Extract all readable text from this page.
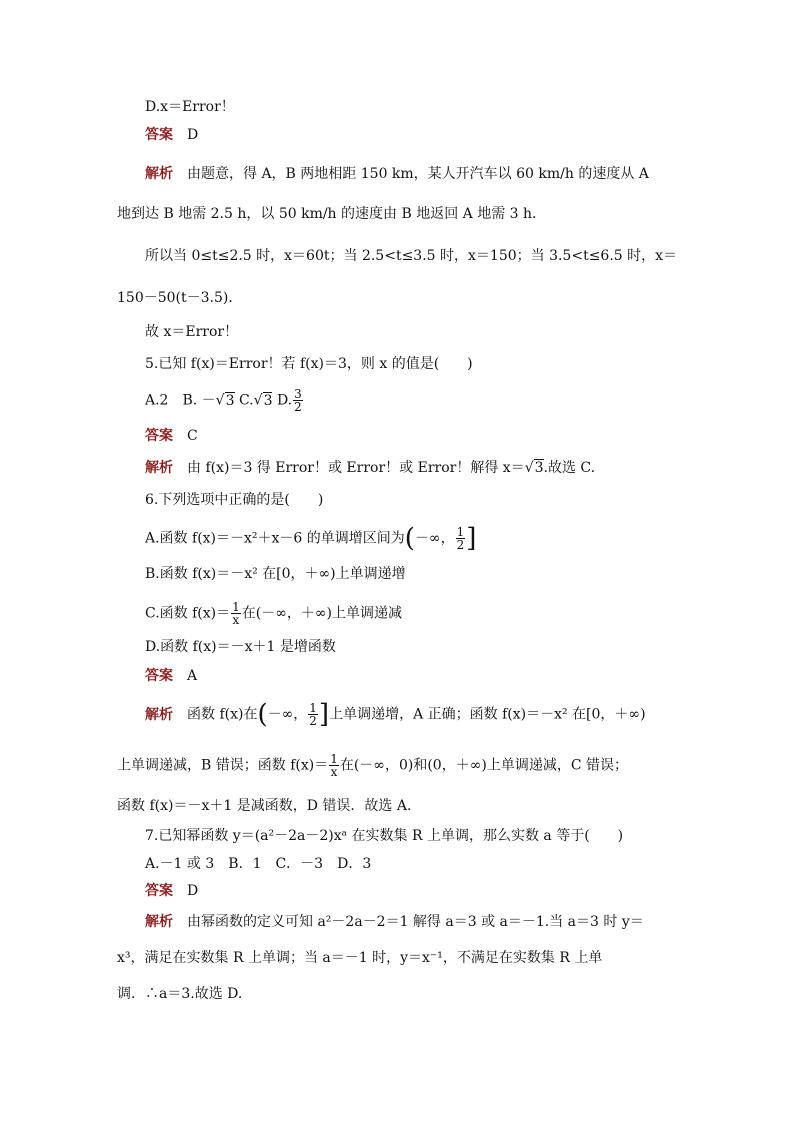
D.x＝Error！
答案 D
解析 由题意，得 A，B 两地相距 150 km，某人开汽车以 60 km/h 的速度从 A
地到达 B 地需 2.5 h，以 50 km/h 的速度由 B 地返回 A 地需 3 h．
所以当 0≤t≤2.5 时，x＝60t；当 2.5<t≤3.5 时，x＝150；当 3.5<t≤6.5 时，x＝
150－50(t－3.5)．
故 x＝Error！
5.已知 f(x)＝Error！若 f(x)＝3，则 x 的值是(　　)
A.2　B. －√3 C.√3 D. $\frac{3}{2}$
答案 C
解析 由 f(x)＝3 得 Error！或 Error！或 Error！解得 x＝√3.故选 C.
6.下列选项中正确的是(　　)
A.函数 f(x)＝－x²＋x－6 的单调增区间为(－∞， $\frac{1}{2}$ ]
B.函数 f(x)＝－x² 在[0，＋∞)上单调递增
C.函数 $f(x)= \frac{1}{x}$ 在(－∞，＋∞)上单调递减
D.函数 f(x)＝－x＋1 是增函数
答案 A
解析 函数 f(x)在(－∞， $\frac{1}{2}$ ]上单调递增，A 正确；函数 f(x)＝－x² 在[0，＋∞)
上单调递减，B 错误；函数 $f(x)= \frac{1}{x}$ 在(－∞，0)和(0，＋∞)上单调递减，C 错误；
函数 f(x)＝－x＋1 是减函数，D 错误．故选 A.
7.已知幂函数 y＝(a²－2a－2)xᵃ 在实数集 R 上单调，那么实数 a 等于(　　)
A.－1 或 3　B．1　C．－3　D．3
答案 D
解析 由幂函数的定义可知 a²－2a－2＝1 解得 a＝3 或 a＝－1.当 a＝3 时 y＝
x³，满足在实数集 R 上单调；当 a＝－1 时，y＝x⁻¹，不满足在实数集 R 上单
调．∴a＝3.故选 D.
